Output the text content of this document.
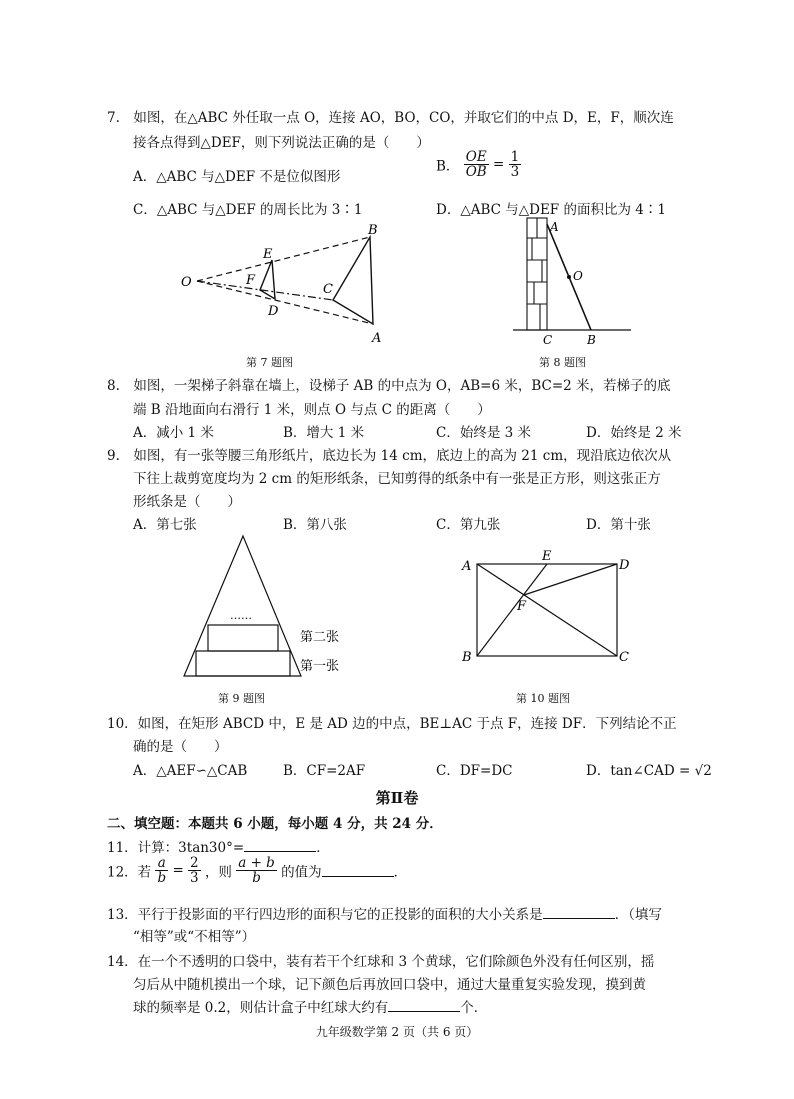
7.　如图，在△ABC 外任取一点 O，连接 AO，BO，CO，并取它们的中点 D，E，F，顺次连
接各点得到△DEF，则下列说法正确的是（　　）
A．△ABC 与△DEF 不是位似图形
B． $\frac{OE}{OB} = \frac{1}{3}$
C．△ABC 与△DEF 的周长比为 3∶1	D．△ABC 与△DEF 的面积比为 4∶1
O
E
F
D
C
B
A
第 7 题图
A
O
C	B
第 8 题图
8.　如图，一架梯子斜靠在墙上，设梯子 AB 的中点为 O，AB=6 米，BC=2 米，若梯子的底
端 B 沿地面向右滑行 1 米，则点 O 与点 C 的距离（　　）
A．减小 1 米	B．增大 1 米	C．始终是 3 米	D．始终是 2 米
9.　如图，有一张等腰三角形纸片，底边长为 14 cm，底边上的高为 21 cm，现沿底边依次从
下往上裁剪宽度均为 2 cm 的矩形纸条，已知剪得的纸条中有一张是正方形，则这张正方
形纸条是（　　）
A．第七张	B．第八张	C．第九张	D．第十张
……
第二张
第一张
第 9 题图
A
E
D
F
B	C
第 10 题图
10．如图，在矩形 ABCD 中，E 是 AD 边的中点，BE⊥AC 于点 F，连接 DF．下列结论不正
确的是（　　）
A．△AEF∽△CAB	B．CF=2AF	C．DF=DC	D．tan∠CAD = √2
第Ⅱ卷
二、填空题：本题共 6 小题，每小题 4 分，共 24 分．
11．计算：3tan30°=	．
12．若 $\frac{a}{b} = \frac{2}{3}$ ，则 $\frac{a + b}{b}$ 的值为	．
13．平行于投影面的平行四边形的面积与它的正投影的面积的大小关系是	．（填写
“相等”或“不相等”）
14．在一个不透明的口袋中，装有若干个红球和 3 个黄球，它们除颜色外没有任何区别，摇
匀后从中随机摸出一个球，记下颜色后再放回口袋中，通过大量重复实验发现，摸到黄
球的频率是 0.2，则估计盒子中红球大约有	个．
九年级数学第 2 页（共 6 页）
